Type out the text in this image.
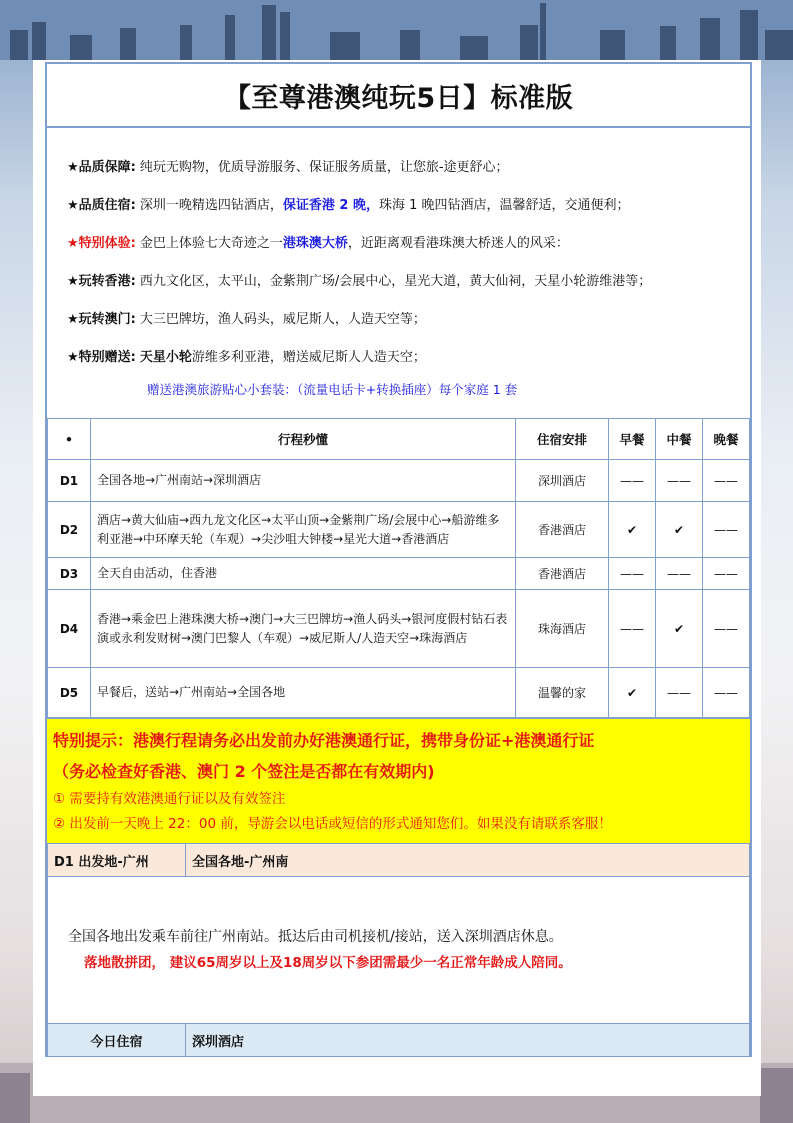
【至尊港澳纯玩5日】标准版
★品质保障: 纯玩无购物，优质导游服务、保证服务质量，让您旅-途更舒心；
★品质住宿: 深圳一晚精选四钻酒店， 保证香港 2 晚， 珠海 1 晚四钻酒店，温馨舒适，交通便利；
★特别体验: 金巴上体验七大奇迹之一 港珠澳大桥 ，近距离观看港珠澳大桥迷人的风采：
★玩转香港: 西九文化区，太平山，金紫荆广场/会展中心，星光大道，黄大仙祠，天星小轮游维港等；
★玩转澳门: 大三巴牌坊，渔人码头，威尼斯人，人造天空等；
★特别赠送: 天星小轮 游维多利亚港，赠送威尼斯人人造天空；
赠送港澳旅游贴心小套装：（流量电话卡+转换插座）每个家庭 1 套
•	行程秒懂	住宿安排	早餐	中餐	晚餐
D1	全国各地→广州南站→深圳酒店	深圳酒店	——	——	——
D2	酒店→黄大仙庙→西九龙文化区→太平山顶→金紫荆广场/会展中心→船游维多利亚港→中环摩天轮（车观）→尖沙咀大钟楼→星光大道→香港酒店	香港酒店	✔	✔	——
D3	全天自由活动，住香港	香港酒店	——	——	——
D4	香港→乘金巴上港珠澳大桥→澳门→大三巴牌坊→渔人码头→银河度假村钻石表演或永利发财树→澳门巴黎人（车观）→威尼斯人/人造天空→珠海酒店	珠海酒店	——	✔	——
D5	早餐后，送站→广州南站→全国各地	温馨的家	✔	——	——
特别提示：港澳行程请务必出发前办好港澳通行证，携带身份证+港澳通行证
（务必检查好香港、澳门 2 个签注是否都在有效期内)
① 需要持有效港澳通行证以及有效签注
② 出发前一天晚上 22：00 前，导游会以电话或短信的形式通知您们。如果没有请联系客服！
D1 出发地-广州	全国各地-广州南
全国各地出发乘车前往广州南站。抵达后由司机接机/接站，送入深圳酒店休息。
落地散拼团， 建议65周岁以上及18周岁以下参团需最少一名正常年龄成人陪同。
今日住宿	深圳酒店
